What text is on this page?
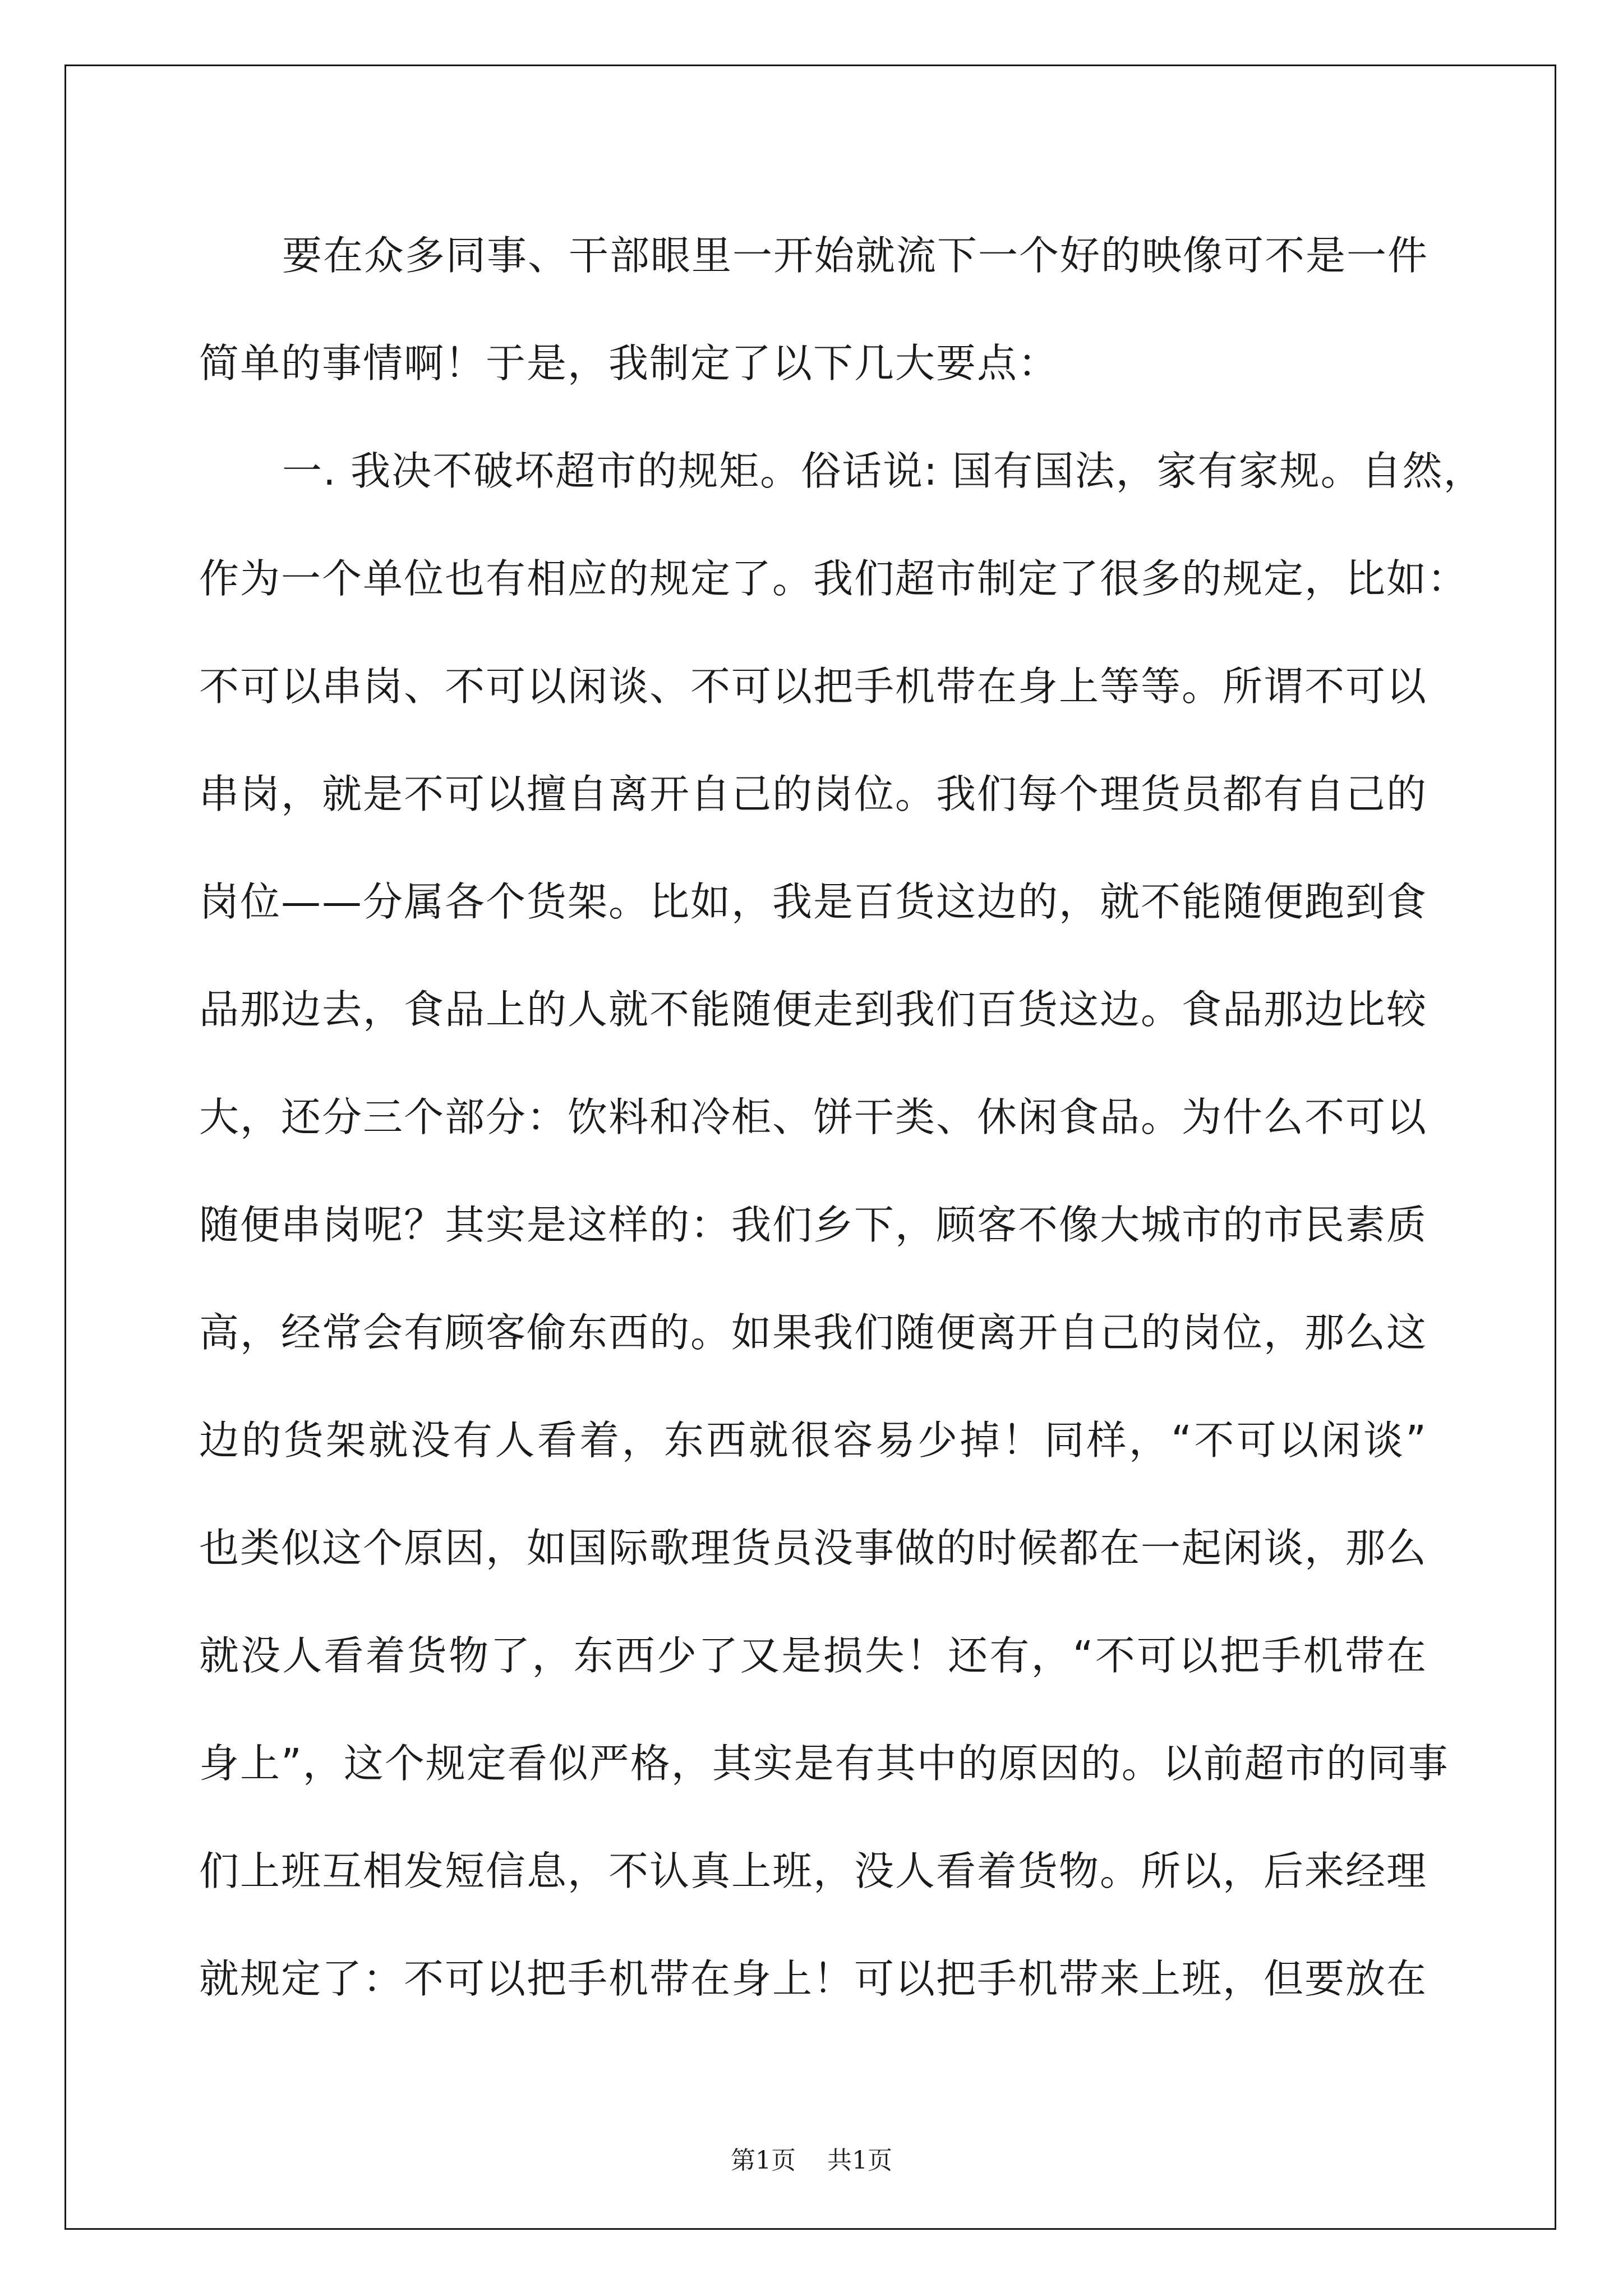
要在众多同事、干部眼里一开始就流下一个好的映像可不是一件
简单的事情啊！于是，我制定了以下几大要点：
一. 我决不破坏超市的规矩。俗话说: 国有国法，家有家规。自然，
作为一个单位也有相应的规定了。我们超市制定了很多的规定，比如：
不可以串岗、不可以闲谈、不可以把手机带在身上等等。所谓不可以
串岗，就是不可以擅自离开自己的岗位。我们每个理货员都有自己的
岗位——分属各个货架。比如，我是百货这边的，就不能随便跑到食
品那边去，食品上的人就不能随便走到我们百货这边。食品那边比较
大，还分三个部分：饮料和冷柜、饼干类、休闲食品。为什么不可以
随便串岗呢？其实是这样的：我们乡下，顾客不像大城市的市民素质
高，经常会有顾客偷东西的。如果我们随便离开自己的岗位，那么这
边的货架就没有人看着，东西就很容易少掉！同样，“不可以闲谈”
也类似这个原因，如国际歌理货员没事做的时候都在一起闲谈，那么
就没人看着货物了，东西少了又是损失！还有，“不可以把手机带在
身上”，这个规定看似严格，其实是有其中的原因的。以前超市的同事
们上班互相发短信息，不认真上班，没人看着货物。所以，后来经理
就规定了：不可以把手机带在身上！可以把手机带来上班，但要放在
第1页 共1页
